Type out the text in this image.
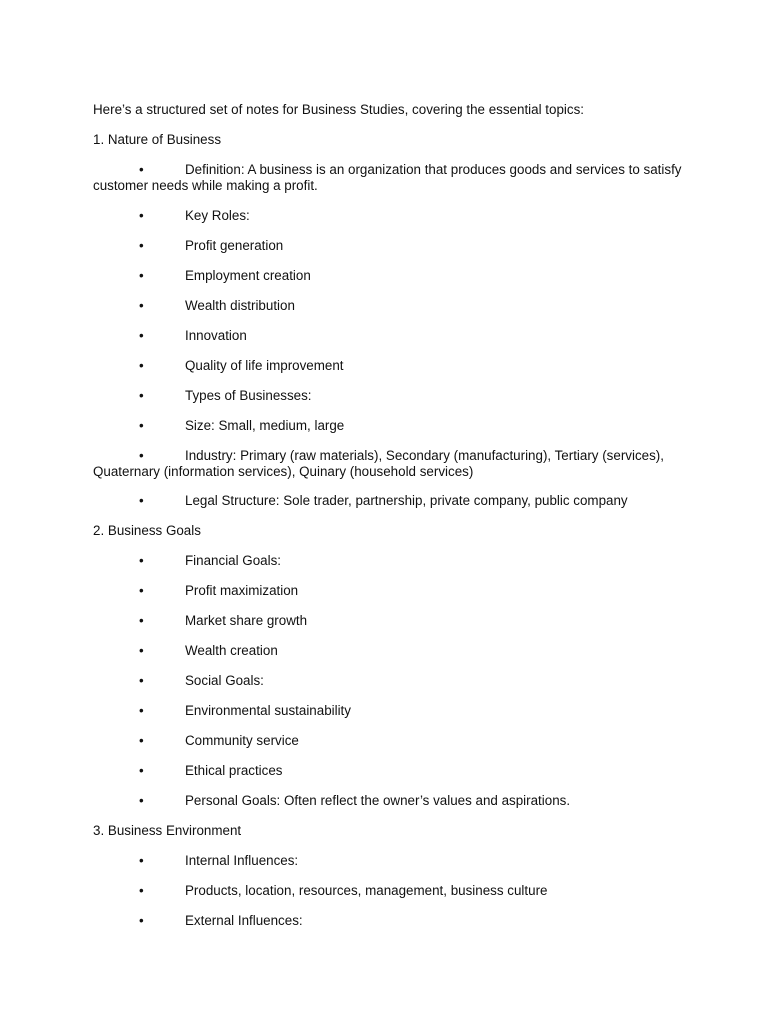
Here’s a structured set of notes for Business Studies, covering the essential topics:
1. Nature of Business
•	Definition: A business is an organization that produces goods and services to satisfy customer needs while making a profit.
•	Key Roles:
•	Profit generation
•	Employment creation
•	Wealth distribution
•	Innovation
•	Quality of life improvement
•	Types of Businesses:
•	Size: Small, medium, large
•	Industry: Primary (raw materials), Secondary (manufacturing), Tertiary (services), Quaternary (information services), Quinary (household services)
•	Legal Structure: Sole trader, partnership, private company, public company
2. Business Goals
•	Financial Goals:
•	Profit maximization
•	Market share growth
•	Wealth creation
•	Social Goals:
•	Environmental sustainability
•	Community service
•	Ethical practices
•	Personal Goals: Often reflect the owner’s values and aspirations.
3. Business Environment
•	Internal Influences:
•	Products, location, resources, management, business culture
•	External Influences:
